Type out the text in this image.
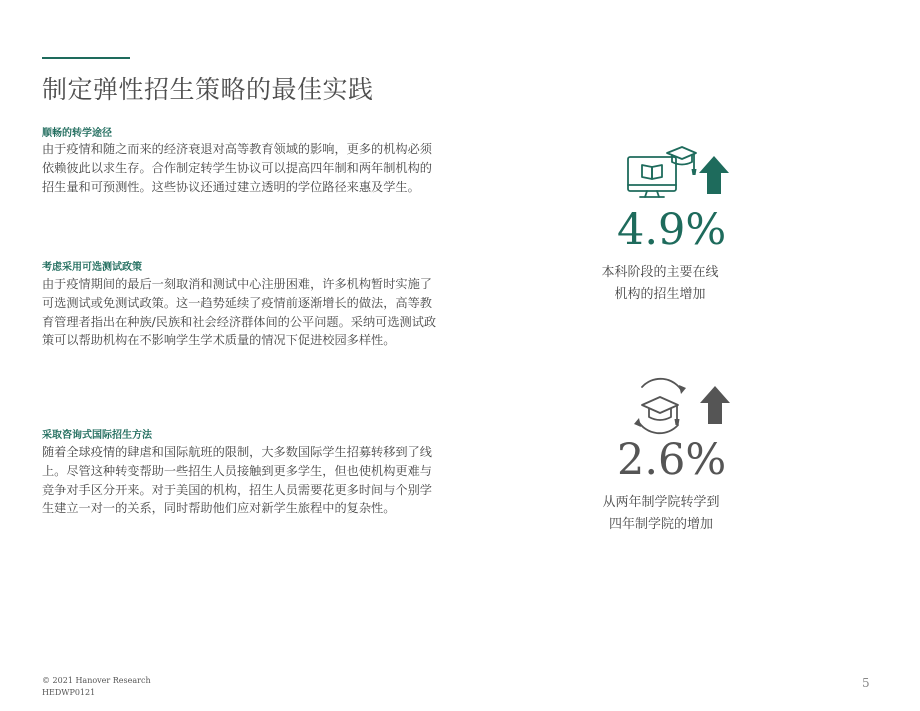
制定弹性招生策略的最佳实践
顺畅的转学途径
由于疫情和随之而来的经济衰退对高等教育领域的影响，更多的机构必须依赖彼此以求生存。合作制定转学生协议可以提高四年制和两年制机构的招生量和可预测性。这些协议还通过建立透明的学位路径来惠及学生。
考虑采用可选测试政策
由于疫情期间的最后一刻取消和测试中心注册困难，许多机构暂时实施了可选测试或免测试政策。这一趋势延续了疫情前逐渐增长的做法，高等教育管理者指出在种族/民族和社会经济群体间的公平问题。采纳可选测试政策可以帮助机构在不影响学生学术质量的情况下促进校园多样性。
采取咨询式国际招生方法
随着全球疫情的肆虐和国际航班的限制，大多数国际学生招募转移到了线上。尽管这种转变帮助一些招生人员接触到更多学生，但也使机构更难与竞争对手区分开来。对于美国的机构，招生人员需要花更多时间与个别学生建立一对一的关系，同时帮助他们应对新学生旅程中的复杂性。
4.9%
本科阶段的主要在线
机构的招生增加
2.6%
从两年制学院转学到
四年制学院的增加
© 2021 Hanover Research
HEDWP0121
5
